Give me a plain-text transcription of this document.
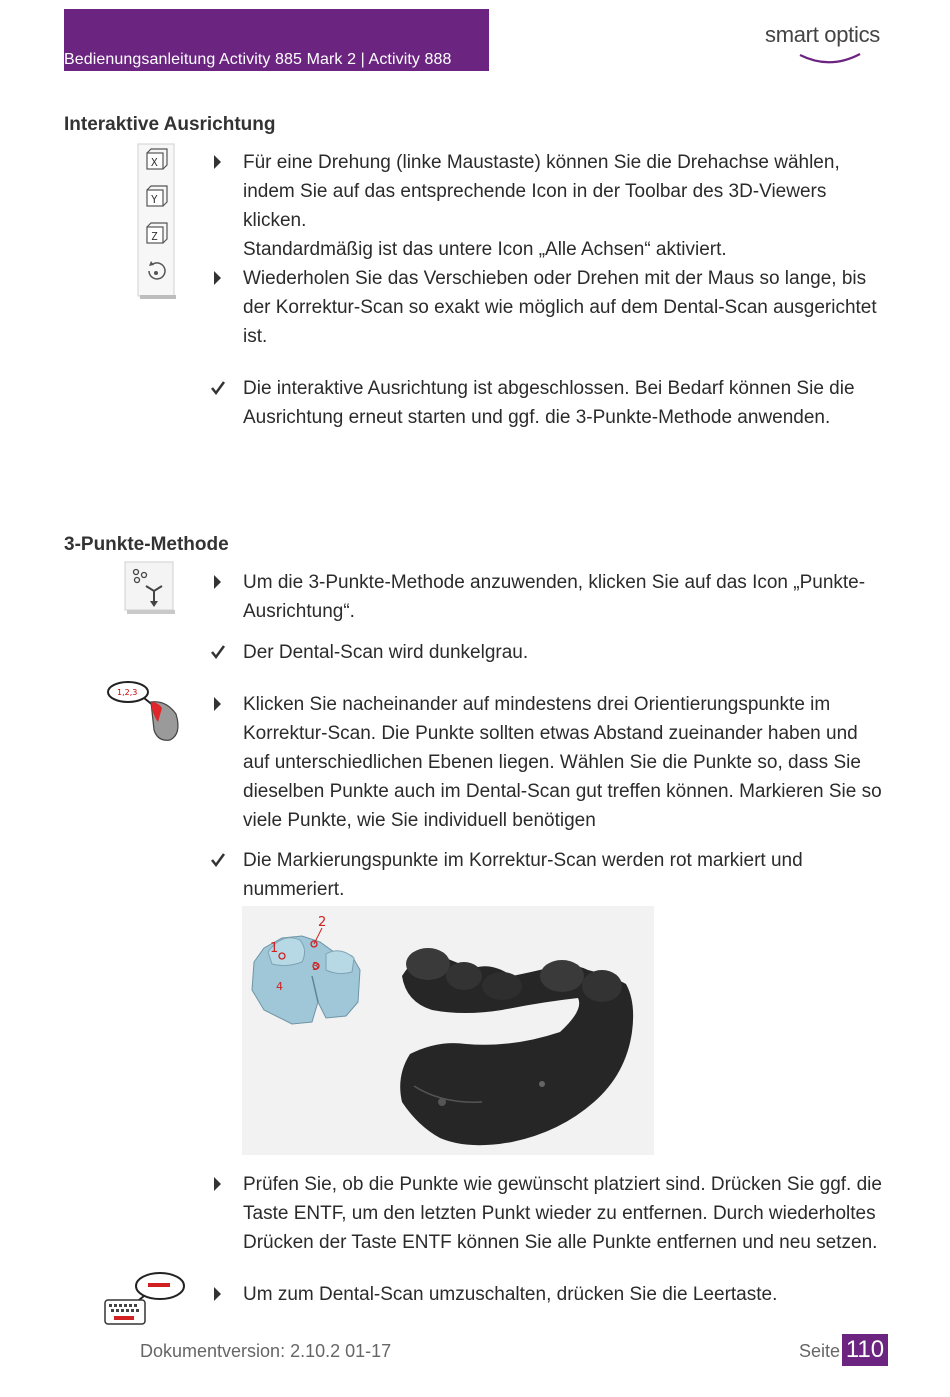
Bedienungsanleitung Activity 885 Mark 2 | Activity 888
smart optics
Interaktive Ausrichtung
X
Y
Z
Für eine Drehung (linke Maustaste) können Sie die Drehachse wählen,
indem Sie auf das entsprechende Icon in der Toolbar des 3D-Viewers
klicken.
Standardmäßig ist das untere Icon „Alle Achsen“ aktiviert.
Wiederholen Sie das Verschieben oder Drehen mit der Maus so lange, bis
der Korrektur-Scan so exakt wie möglich auf dem Dental-Scan ausgerichtet
ist.
Die interaktive Ausrichtung ist abgeschlossen. Bei Bedarf können Sie die
Ausrichtung erneut starten und ggf. die 3-Punkte-Methode anwenden.
3-Punkte-Methode
Um die 3-Punkte-Methode anzuwenden, klicken Sie auf das Icon „Punkte-
Ausrichtung“.
Der Dental-Scan wird dunkelgrau.
1,2,3
Klicken Sie nacheinander auf mindestens drei Orientierungspunkte im
Korrektur-Scan. Die Punkte sollten etwas Abstand zueinander haben und
auf unterschiedlichen Ebenen liegen. Wählen Sie die Punkte so, dass Sie
dieselben Punkte auch im Dental-Scan gut treffen können. Markieren Sie so
viele Punkte, wie Sie individuell benötigen
Die Markierungspunkte im Korrektur-Scan werden rot markiert und
nummeriert.
1
2
3
4
Prüfen Sie, ob die Punkte wie gewünscht platziert sind. Drücken Sie ggf. die
Taste ENTF, um den letzten Punkt wieder zu entfernen. Durch wiederholtes
Drücken der Taste ENTF können Sie alle Punkte entfernen und neu setzen.
Um zum Dental-Scan umzuschalten, drücken Sie die Leertaste.
Dokumentversion: 2.10.2 01-17	Seite 110
